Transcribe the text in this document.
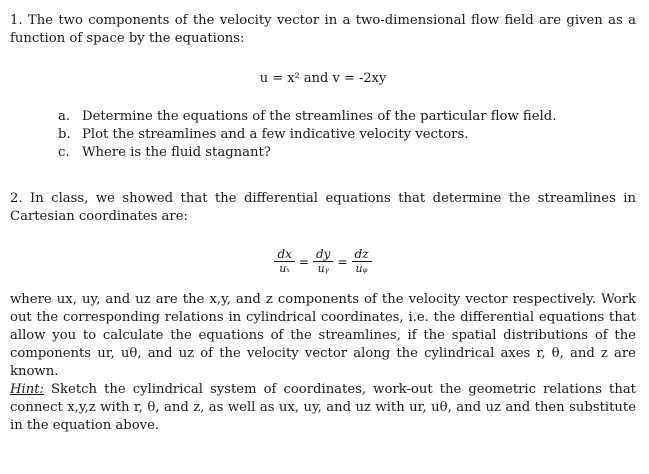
1. The two components of the velocity vector in a two-dimensional flow field are given as a function of space by the equations:

u = x² and v = -2xy

a. Determine the equations of the streamlines of the particular flow field.
b. Plot the streamlines and a few indicative velocity vectors.
c. Where is the fluid stagnant?

2. In class, we showed that the differential equations that determine the streamlines in Cartesian coordinates are:

$\frac{dx}{\text{uₓ}} = \frac{dy}{\text{uᵧ}} = \frac{dz}{\text{uᵩ}}$

where ux, uy, and uz are the x,y, and z components of the velocity vector respectively. Work out the corresponding relations in cylindrical coordinates, i.e. the differential equations that allow you to calculate the equations of the streamlines, if the spatial distributions of the components ur, uθ, and uz of the velocity vector along the cylindrical axes r, θ, and z are known.

Hint: Sketch the cylindrical system of coordinates, work-out the geometric relations that connect x,y,z with r, θ, and z, as well as ux, uy, and uz with ur, uθ, and uz and then substitute in the equation above.
